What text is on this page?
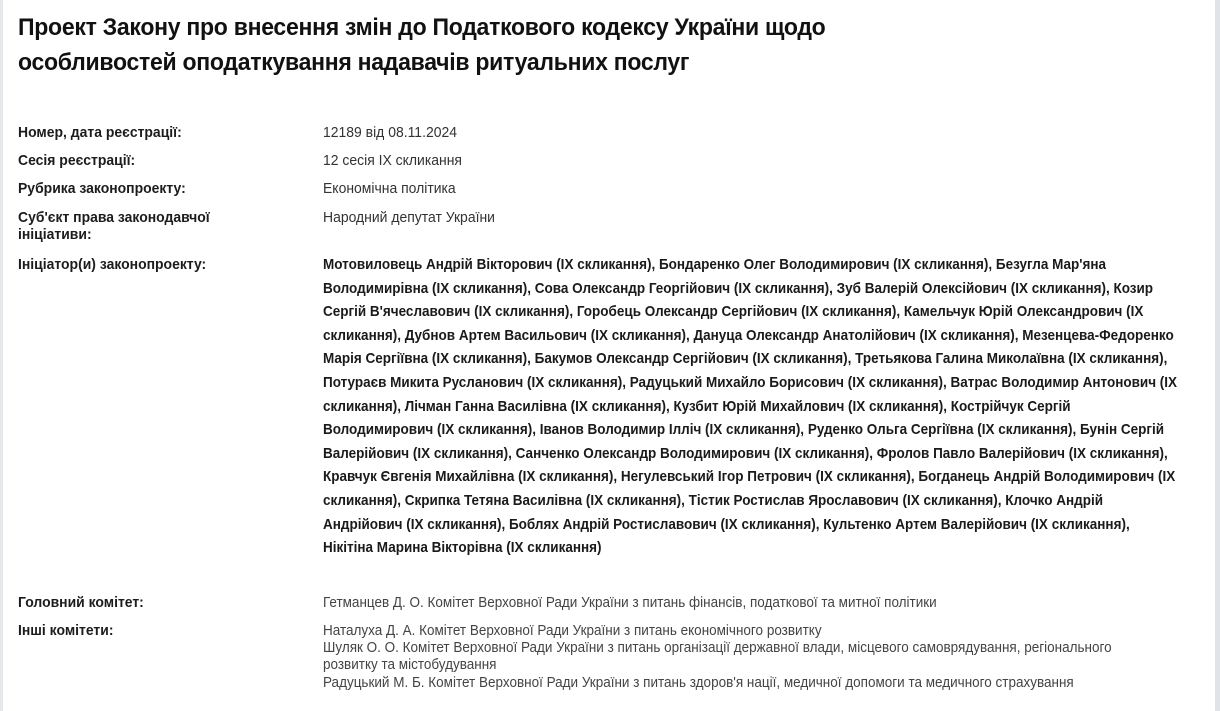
Проект Закону про внесення змін до Податкового кодексу України щодо особливостей оподаткування надавачів ритуальних послуг
Номер, дата реєстрації:	12189 від 08.11.2024
Сесія реєстрації:	12 сесія IX скликання
Рубрика законопроекту:	Економічна політика
Суб'єкт права законодавчої ініціативи:
Народний депутат України
Ініціатор(и) законопроекту:	Мотовиловець Андрій Вікторович (IX скликання), Бондаренко Олег Володимирович (IX скликання), Безугла Мар'яна Володимирівна (IX скликання), Сова Олександр Георгійович (IX скликання), Зуб Валерій Олексійович (IX скликання), Козир Сергій В'ячеславович (IX скликання), Горобець Олександр Сергійович (IX скликання), Камельчук Юрій Олександрович (IX скликання), Дубнов Артем Васильович (IX скликання), Дануца Олександр Анатолійович (IX скликання), Мезенцева-Федоренко Марія Сергіївна (IX скликання), Бакумов Олександр Сергійович (IX скликання), Третьякова Галина Миколаївна (IX скликання), Потураєв Микита Русланович (IX скликання), Радуцький Михайло Борисович (IX скликання), Ватрас Володимир Антонович (IX скликання), Лічман Ганна Василівна (IX скликання), Кузбит Юрій Михайлович (IX скликання), Кострійчук Сергій Володимирович (IX скликання), Іванов Володимир Ілліч (IX скликання), Руденко Ольга Сергіївна (IX скликання), Бунін Сергій Валерійович (IX скликання), Санченко Олександр Володимирович (IX скликання), Фролов Павло Валерійович (IX скликання), Кравчук Євгенія Михайлівна (IX скликання), Негулевський Ігор Петрович (IX скликання), Богданець Андрій Володимирович (IX скликання), Скрипка Тетяна Василівна (IX скликання), Тістик Ростислав Ярославович (IX скликання), Клочко Андрій Андрійович (IX скликання), Боблях Андрій Ростиславович (IX скликання), Культенко Артем Валерійович (IX скликання), Нікітіна Марина Вікторівна (IX скликання)
Головний комітет:	Гетманцев Д. О. Комітет Верховної Ради України з питань фінансів, податкової та митної політики
Інші комітети:	Наталуха Д. А. Комітет Верховної Ради України з питань економічного розвитку
Шуляк О. О. Комітет Верховної Ради України з питань організації державної влади, місцевого самоврядування, регіонального розвитку та містобудування
Радуцький М. Б. Комітет Верховної Ради України з питань здоров'я нації, медичної допомоги та медичного страхування
